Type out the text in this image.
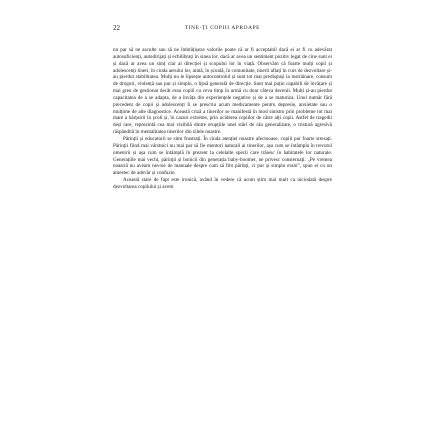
22	TINE-ȚI COPIII APROAPE

nu par să ne asculte sau să ne îmbrățișeze valorile poate că ar fi acceptabil dacă ei ar fi cu adevărat autosuficienți, autodirijați și echilibrați în sinea lor, dacă ar avea un sentiment pozitiv legat de cine sunt ei și dacă ar avea un simț clar al direcției și scopului lor în viață. Observăm că foarte mulți copii și adolescenți tineri, în ciuda aerului lor, arată, în școală, în comunitate, tinerii aflați în curs de dezvoltare și-au pierdut stabilitatea. Mulți nu le lipsește autocontrolul și sunt tot mai predispuși la instrăinare, consum de droguri, violență sau pur și simplu, o lipsă generală de direcție. Sunt mai puțin capabili de învățare și mai greu de gestionat decât erau copiii cu ceva timp în urmă cu doar câteva decenii. Mulți și-au pierdut capacitatea de a se adapta, de a învăța din experiențele negative și de a se maturiza. Unul număr fără precedent de copii și adolescenți li se prescriu acum medicamente pentru depresie, anxietate sau o mulțime de alte diagnostice. Această criză a tinerilor se manifestă în mod sinistru prin probleme tot mai mare a hărțuirii în școli și, în cazuri extreme, prin uciderea copiilor de către alți copii. Astfel de tragedii deși rare, reprezintă cea mai vizibilă dintre erupțiile unei stări de rău generalizate, o tristură agresivă răspândită în mentalitatea tinerilor din zilele noastre.

Părinții și educatorii se simt frustrați. În ciuda atenției noastre afectuoase, copiii par foarte stresați. Părinții fiind mai vârstnici nu mai par să fie mentori naturali ai tinerilor, așa cum se întâmpla în trecutul omenirii și așa cum se întâmplă în prezent la celelalte specii care trăiesc în habitatele lor naturale. Generațiile mai vechi, părinții și bunicii din generația baby-boomer, ne privesc consternați: „Pe vremea noastră nu aveam nevoie de manuale despre cum să fim părinți, ci pur și simplu eram”, spun ei cu un amestec de adevăr și confuzie.

Această stare de fapt este ironică, având în vedere că acum știm mai mult ca niciodată despre dezvoltarea copilului și avem
